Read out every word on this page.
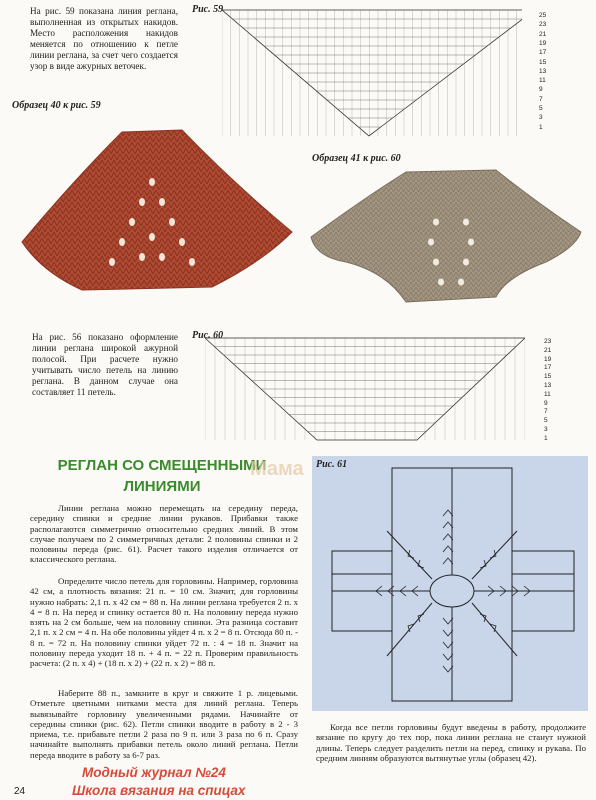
На рис. 59 показана линия реглана, выполненная из открытых накидов. Место расположения накидов меняется по отношению к петле линии реглана, за счет чего создается узор в виде ажурных веточек.
Рис. 59
25
23
21
19
17
15
13
11
9
7
5
3
1
Образец 40 к рис. 59
Образец 41 к рис. 60
На рис. 56 показано оформление линии реглана широкой ажурной полосой. При расчете нужно учитывать число петель на линию реглана. В данном случае она составляет 11 петель.
Рис. 60
23
21
19
17
15
13
11
9
7
5
3
1
РЕГЛАН СО СМЕЩЕННЫМИ
ЛИНИЯМИ
Мама
Линии реглана можно перемещать на середину переда, середину спинки и средние линии рукавов. Прибавки также располагаются симметрично относительно средних линий. В этом случае получаем по 2 симметричных детали: 2 половины спинки и 2 половины переда (рис. 61). Расчет такого изделия отличается от классического реглана.
Определите число петель для горловины. Например, горловина 42 см, а плотность вязания: 21 п. = 10 см. Значит, для горловины нужно набрать: 2,1 п. х 42 см = 88 п. На линии реглана требуется 2 п. х 4 = 8 п. На перед и спинку остается 80 п. На половину переда нужно взять на 2 см больше, чем на половину спинки. Эта разница составит 2,1 п. х 2 см = 4 п. На обе половины уйдет 4 п. х 2 = 8 п. Отсюда 80 п. - 8 п. = 72 п. На половину спинки уйдет 72 п. : 4 = 18 п. Значит на половину переда уходит 18 п. + 4 п. = 22 п. Проверим правильность расчета: (2 п. х 4) + (18 п. х 2) + (22 п. х 2) = 88 п.
Наберите 88 п., замкните в круг и свяжите 1 р. лицевыми. Отметьте цветными нитками места для линий реглана. Теперь вывязывайте горловину увеличенными рядами. Начинайте от середины спинки (рис. 62). Петли спинки вводите в работу в 2 - 3 приема, т.е. прибавьте петли 2 раза по 9 п. или 3 раза по 6 п. Сразу начинайте выполнять прибавки петель около линий реглана. Петли переда вводите в работу за 6-7 раз.
Рис. 61
Когда все петли горловины будут введены в работу, продолжите вязание по кругу до тех пор, пока линии реглана не станут нужной длины. Теперь следует разделить петли на перед, спинку и рукава. По средним линиям образуются вытянутые углы (образец 42).
Модный журнал №24
Школа вязания на спицах
24
